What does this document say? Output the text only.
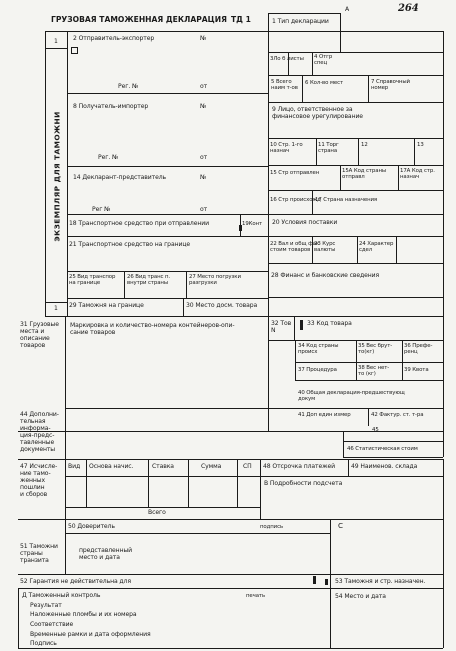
ГРУЗОВАЯ ТАМОЖЕННАЯ ДЕКЛАРАЦИЯ ТД 1
А	264
1
ЭКЗЕМПЛЯР ДЛЯ ТАМОЖНИ
1
2 Отправитель-экспортер	№
Рег. №	от
8 Получатель-импортер	№
Рег. №	от
14 Декларант-представитель	№
Рег №	от
18 Транспортное средство при отправлении	19Конт
21 Транспортное средство на границе
25 Вид транспор
на границе
26 Вид транс п.
внутри страны
27 Место погрузки
разгрузки
29 Таможня на границе	30 Место досм. товара
1 Тип декларации
3Ло б листы 4 Отгр
спец
5 Всего
наим т-ов
6 Кол-во мест	7 Справочный
номер
9 Лицо, ответственное за
финансовое урегулирование
10 Стр. 1-го
назнач
11 Торг
страна
12	13
15 Стр отправлен	15А Код страны
отправл
17А Код стр.
назнач
16 Стр происхожд
17 Страна назначения
20 Условия поставки
22 Вал и общ фак
стоим товаров
23 Курс
валюты
24 Характер
сдел
28 Финанс и банковские сведения
31 Грузовые
места и
описание
товаров
Маркировка и количество-номера контейнеров-опи-
сание товаров
32 Тов
N
33 Код товара
34 Код страны
происх
35 Вес брут-
то(кг)
36 Префе-
ренц
37 Процедура	38 Вес нет-
то (кг)
39 Квота
40 Общая декларация-предшествующ
докум
41 Доп един измер	42 Фактур. ст. т-ра
44 Дополни-
тельная
информа-
ция-предс-
тавленные
документы
45
46 Статистическая стоим
47 Исчисле-
ние тамо-
женных
пошлин
и сборов
Вид Основа начис.	Ставка	Сумма	СП
Всего
48 Отсрочка платежей	49 Наименов. склада
В Подробности подсчета
50 Доверитель	подпись	С
51 Таможни
страны
транзита
представленный
место и дата
52 Гарантия не действительна для	53 Таможня и стр. назначен.
Д Таможенный контроль	печать
Результат
Наложенные пломбы и их номера
Соответствие
Временные рамки и дата оформления
Подпись
54 Место и дата
